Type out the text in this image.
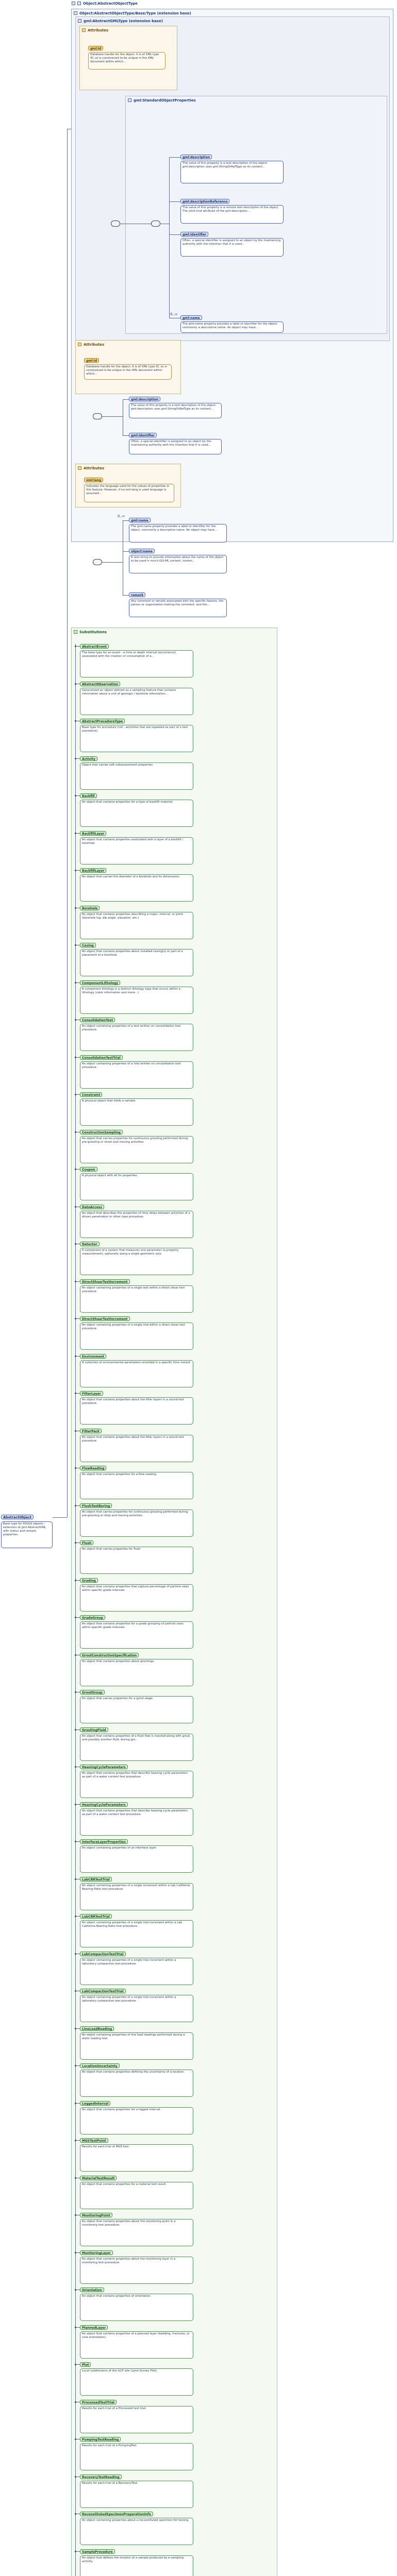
Object:AbstractObjectType
Object:AbstractObjectType/Base/Type (extension base)
gml:AbstractGMLType (extension base)
Attributes
gml:id
Database handle for the object. It is of XML type ID, so is constrained to be unique in the XML document within which...
gml:StandardObjectProperties
gml:description
The value of this property is a text description of the object. gml:description uses gml:StringOrRefType as its content...
gml:descriptionReference
The value of this property is a remote text description of the object. The xlink:href attribute of the gml:description...
gml:identifier
Often, a special identifier is assigned to an object by the maintaining authority with the intention that it is used...
0..∞
gml:name
The gml:name property provides a label or identifier for the object, commonly a descriptive name. An object may have...
Attributes
gml:id
Database handle for the object. It is of XML type ID, so is constrained to be unique in the XML document within which...
gml:description
The value of this property is a text description of the object. gml:description uses gml:StringOrRefType as its content...
gml:identifier
Often, a special identifier is assigned to an object by the maintaining authority with the intention that it is used...
Attributes
xml:lang
Indicates the language used for the values of properties in this feature. However, if no xml:lang is used language is assumed...
0..∞
gml:name
The gml:name property provides a label or identifier for the object, commonly a descriptive name. An object may have...
object:name
A text string to provide information about the name of the object to be used in much GIS-ML context, nomen...
remark
Any comment or remark associated with the specific feature, the person or organisation making the comment, and the...
AbstractObject
Base type for DIGGS objects - extension of gml:AbstractGML with status and remark properties.
Substitutions
AbstractEvent
The base type for an event - a time or depth interval (occurrence) associated with the creation or consumption of a...
AbstractObservation
Generalized an object defined as a sampling feature that contains information about a unit of geologic / borehole information...
AbstractProcedureType
Base type for procedure (not - activities that are repeated as part of a test procedure).
Activity
Object that carries soft subassessment properties.
Backfill
An object that contains properties for a type of backfill material.
BackfillLayer
An object that contains properties associated with a layer of a backfill / borehole.
BackfillLayer
An object that carries the diameter of a borehole and its dimensions.
Borehole
An object that contains properties describing a major, interval, or point (borehole log, dip angle, elevation, etc.)
Casing
An object that contains properties about installed casing(s) or part of a placement of a borehole.
ComponentLithology
A component lithology is a distinct lithology type that occurs within a lithology (color information and more...)
ConsolidationTest
An object containing properties of a test written on consolidation test procedure.
ConsolidationTestTrial
An object containing properties of a trial written on consolidation test procedure.
Constraint
A physical object that holds a sample.
ConstructionSampling
An object that carries properties for continuous grouting performed during pre-grouting or shoot and moving activities.
Coupon
A physical object with all its properties.
DataAccess
An object that describes the properties of time delay between activities of a driven penetration or other type procedure.
Detector
A component of a system that measures one parameter (a property measurement), optionally along a single geometric axis.
DirectShearTestIncrement
An object containing properties of a single test within a direct shear test procedure.
DirectShearTestIncrement
An object containing properties of a single trial within a direct shear test procedure.
Environment
A collection of environmental parameters recorded in a specific time instant.
FilterLayer
An object that contains properties about the filter layers in a sound test procedure.
FilterPack
An object that contains properties about the filter layers in a sound test procedure.
FlowReading
An object that contains properties for a flow reading.
FlushTestBoring
An object that carries properties for continuous grouting performed during pre-grouting or drop and moving activities.
Flush
An object that carries properties for flush.
Grading
An object that contains properties that capture percentage of particle sizes within specific grade intervals.
GradeGroup
An object that contains properties for a grade grouping of particle sizes within specific grade intervals.
GroutConstructionSpecification
An object that contains properties about groutings.
GroutGroup
An object that carries properties for a grout stage.
GroutingFluid
An object that contains properties of a fluid that is injected along with grout, and possibly another fluid, during gro...
HeavingCycleParameters
An object that contains properties that describe heaving cycle parameters as part of a water content test procedure.
HeavingCycleParameters
An object that contains properties that describe heaving cycle parameters as part of a water content test procedure.
InterfaceLayerProperties
An object containing properties of an interface layer.
LabCBRTestTrial
An object containing properties of a single increment within a Lab California Bearing Ratio test procedure.
LabCBRTestTrial
An object containing properties of a single trial increment within a Lab California Bearing Ratio test procedure.
LabCompactionTestTrial
An object containing properties of a single trial increment within a laboratory compaction test procedure.
LabCompactionTestTrial
An object containing properties of a single trial increment within a laboratory compaction test procedure.
LineLoadReading
An object containing properties of line load readings performed during a static loading test.
LocationUncertainty
An object that contains properties defining the uncertainty of a location.
LoggedInterval
An object that contains properties for a logged interval.
MGSTestPoint
Results for each trial of MGS test.
MaterialTestResult
An object that contains properties for a material test result.
MonitoringPoint
An object that contains properties about the monitoring point in a monitoring test procedure.
MonitoringLayer
An object that contains properties about the monitoring layer in a monitoring test procedure.
Orientation
An object that contains properties of orientation.
PlannedLayer
An object that contains properties of a planned layer (bedding, fractures, or core orientation).
Plot
Local subdivisions of the GCP site (Land Survey Plot).
ProcessedTestTrial
Results for each trial of a Processed test trial.
PumpingTestReading
Results for each trial of a PumpingTest.
RecoveryTestReading
Results for each trial of a RecoveryTest.
ReconstitutedSpecimenPreparationInfo
An object containing properties about a reconstituted specimen for testing.
SampleProcedure
An object that defines the location of a sample produced by a sampling activity.
